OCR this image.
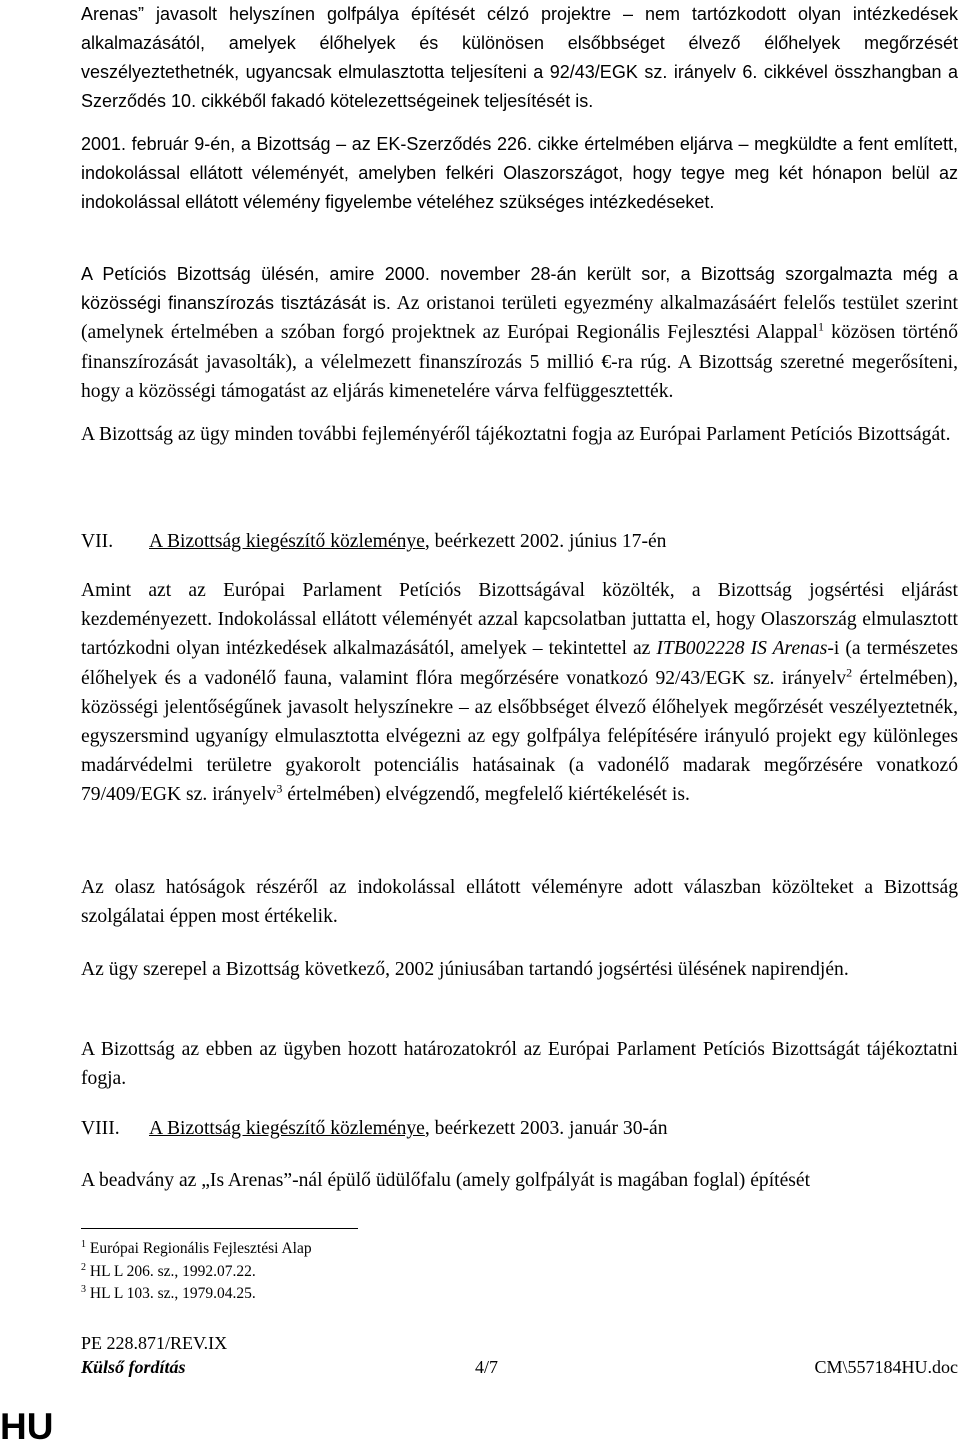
Arenas” javasolt helyszínen golfpálya építését célzó projektre – nem tartózkodott olyan intézkedések alkalmazásától, amelyek élőhelyek és különösen elsőbbséget élvező élőhelyek megőrzését veszélyeztethetnék, ugyancsak elmulasztotta teljesíteni a 92/43/EGK sz. irányelv 6. cikkével összhangban a Szerződés 10. cikkéből fakadó kötelezettségeinek teljesítését is.

2001. február 9-én, a Bizottság – az EK-Szerződés 226. cikke értelmében eljárva – megküldte a fent említett, indokolással ellátott véleményét, amelyben felkéri Olaszországot, hogy tegye meg két hónapon belül az indokolással ellátott vélemény figyelembe vételéhez szükséges intézkedéseket.

A Petíciós Bizottság ülésén, amire 2000. november 28-án került sor, a Bizottság szorgalmazta még a közösségi finanszírozás tisztázását is. Az oristanoi területi egyezmény alkalmazásáért felelős testület szerint (amelynek értelmében a szóban forgó projektnek az Európai Regionális Fejlesztési Alappal$^1$ közösen történő finanszírozását javasolták), a vélelmezett finanszírozás 5 millió €-ra rúg. A Bizottság szeretné megerősíteni, hogy a közösségi támogatást az eljárás kimenetelére várva felfüggesztették.

A Bizottság az ügy minden további fejleményéről tájékoztatni fogja az Európai Parlament Petíciós Bizottságát.

VII. A Bizottság kiegészítő közleménye, beérkezett 2002. június 17-én

Amint azt az Európai Parlament Petíciós Bizottságával közölték, a Bizottság jogsértési eljárást kezdeményezett. Indokolással ellátott véleményét azzal kapcsolatban juttatta el, hogy Olaszország elmulasztott tartózkodni olyan intézkedések alkalmazásától, amelyek – tekintettel az ITB002228 IS Arenas-i (a természetes élőhelyek és a vadonélő fauna, valamint flóra megőrzésére vonatkozó 92/43/EGK sz. irányelv$^2$ értelmében), közösségi jelentőségűnek javasolt helyszínekre – az elsőbbséget élvező élőhelyek megőrzését veszélyeztetnék, egyszersmind ugyanígy elmulasztotta elvégezni az egy golfpálya felépítésére irányuló projekt egy különleges madárvédelmi területre gyakorolt potenciális hatásainak (a vadonélő madarak megőrzésére vonatkozó 79/409/EGK sz. irányelv$^3$ értelmében) elvégzendő, megfelelő kiértékelését is.

Az olasz hatóságok részéről az indokolással ellátott véleményre adott válaszban közölteket a Bizottság szolgálatai éppen most értékelik.

Az ügy szerepel a Bizottság következő, 2002 júniusában tartandó jogsértési ülésének napirendjén.

A Bizottság az ebben az ügyben hozott határozatokról az Európai Parlament Petíciós Bizottságát tájékoztatni fogja.

VIII. A Bizottság kiegészítő közleménye, beérkezett 2003. január 30-án

A beadvány az „Is Arenas”-nál épülő üdülőfalu (amely golfpályát is magában foglal) építését

$^1$ Európai Regionális Fejlesztési Alap
$^2$ HL L 206. sz., 1992.07.22.
$^3$ HL L 103. sz., 1979.04.25.
PE 228.871/REV.IX
Külső fordítás	4/7	CM\557184HU.doc
HU
